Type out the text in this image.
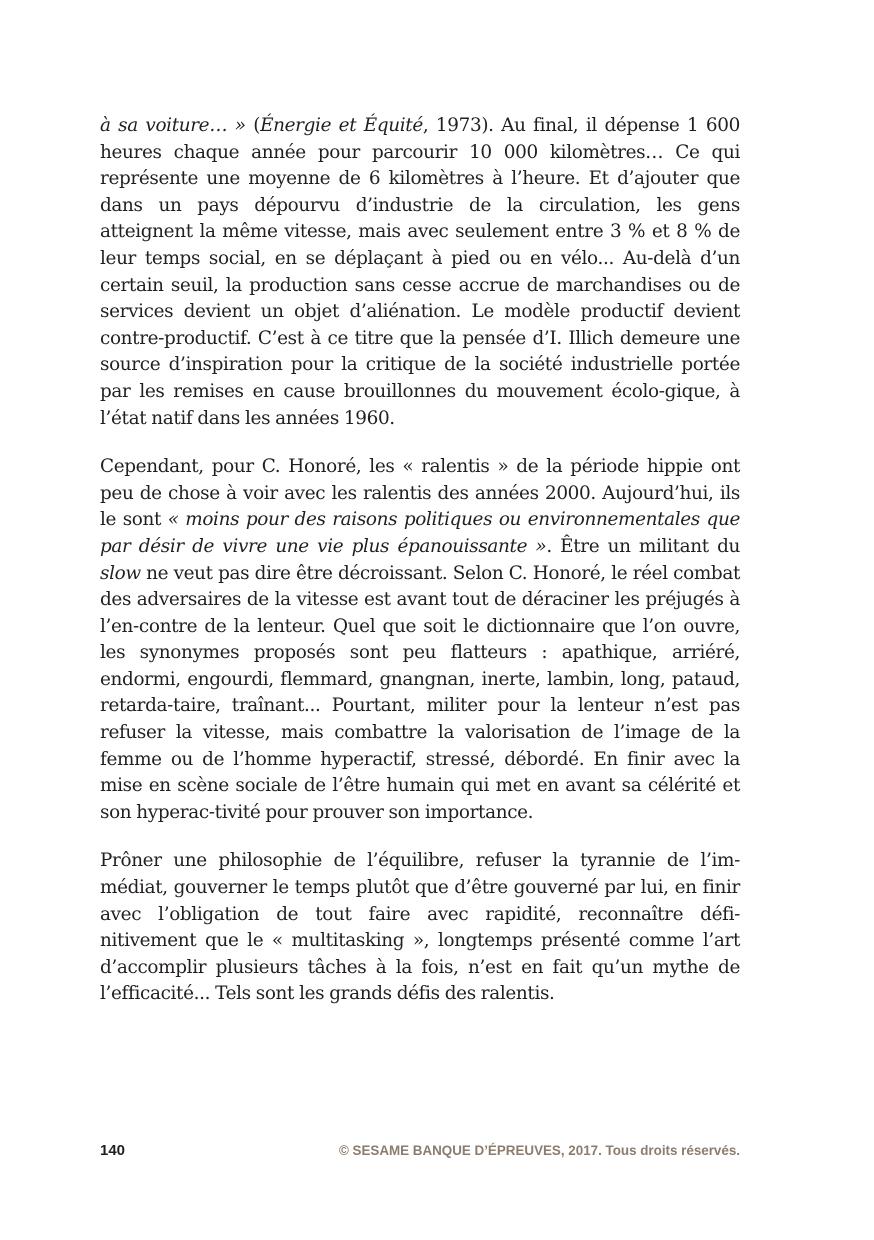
à sa voiture… » (Énergie et Équité, 1973). Au final, il dépense 1 600 heures chaque année pour parcourir 10 000 kilomètres… Ce qui représente une moyenne de 6 kilomètres à l’heure. Et d’ajouter que dans un pays dépourvu d’industrie de la circulation, les gens atteignent la même vitesse, mais avec seulement entre 3 % et 8 % de leur temps social, en se déplaçant à pied ou en vélo... Au-delà d’un certain seuil, la production sans cesse accrue de marchandises ou de services devient un objet d’aliénation. Le modèle productif devient contre-productif. C’est à ce titre que la pensée d’I. Illich demeure une source d’inspiration pour la critique de la société industrielle portée par les remises en cause brouillonnes du mouvement écolo-gique, à l’état natif dans les années 1960.

Cependant, pour C. Honoré, les « ralentis » de la période hippie ont peu de chose à voir avec les ralentis des années 2000. Aujourd’hui, ils le sont « moins pour des raisons politiques ou environnementales que par désir de vivre une vie plus épanouissante ». Être un militant du slow ne veut pas dire être décroissant. Selon C. Honoré, le réel combat des adversaires de la vitesse est avant tout de déraciner les préjugés à l’en-contre de la lenteur. Quel que soit le dictionnaire que l’on ouvre, les synonymes proposés sont peu flatteurs : apathique, arriéré, endormi, engourdi, flemmard, gnangnan, inerte, lambin, long, pataud, retarda-taire, traînant... Pourtant, militer pour la lenteur n’est pas refuser la vitesse, mais combattre la valorisation de l’image de la femme ou de l’homme hyperactif, stressé, débordé. En finir avec la mise en scène sociale de l’être humain qui met en avant sa célérité et son hyperac-tivité pour prouver son importance.

Prôner une philosophie de l’équilibre, refuser la tyrannie de l’im-médiat, gouverner le temps plutôt que d’être gouverné par lui, en finir avec l’obligation de tout faire avec rapidité, reconnaître défi-nitivement que le « multitasking », longtemps présenté comme l’art d’accomplir plusieurs tâches à la fois, n’est en fait qu’un mythe de l’efficacité... Tels sont les grands défis des ralentis.

140	© SESAME BANQUE D’ÉPREUVES, 2017. Tous droits réservés.
